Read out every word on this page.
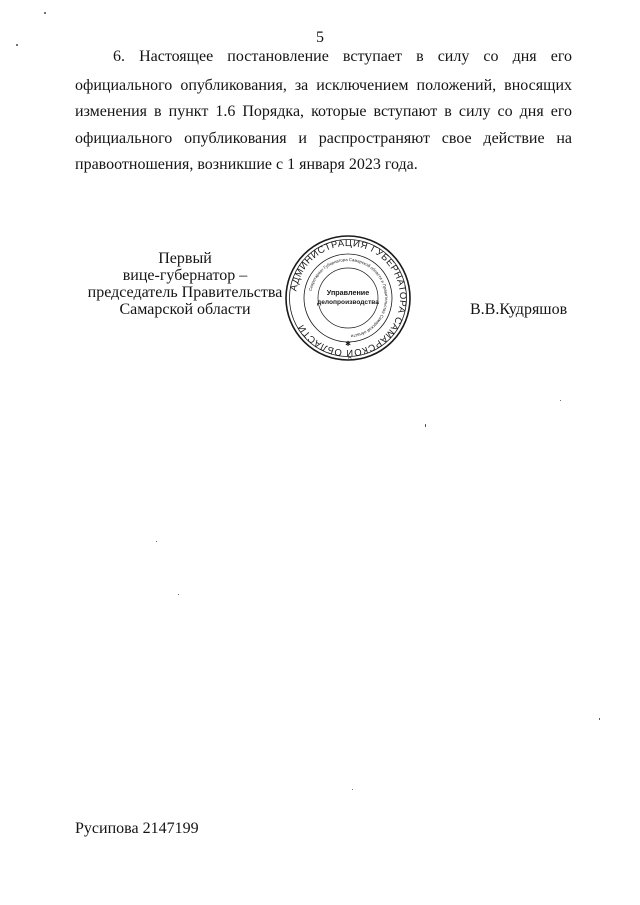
5
6. Настоящее постановление вступает в силу со дня его
официального опубликования, за исключением положений, вносящих
изменения в пункт 1.6 Порядка, которые вступают в силу со дня его
официального опубликования и распространяют свое действие на
правоотношения, возникшие с 1 января 2023 года.
Первый
вице-губернатор –
председатель Правительства
Самарской области
АДМИНИСТРАЦИЯ ГУБЕРНАТОРА САМАРСКОЙ ОБЛАСТИ
Секретариат Губернатора Самарской области и Правительства Самарской области
Управление
делопроизводства
✱
В.В.Кудряшов
Русипова 2147199
